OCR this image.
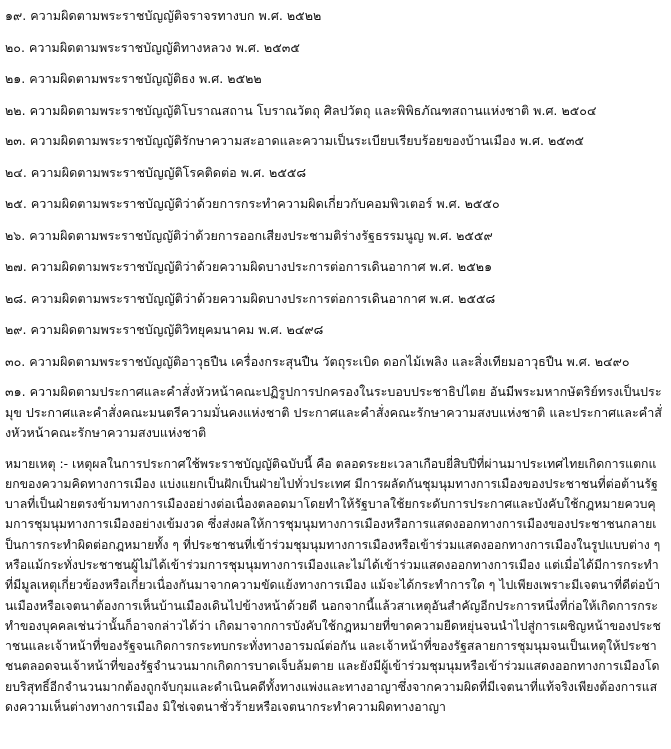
๑๙. ความผิดตามพระราชบัญญัติจราจรทางบก พ.ศ. ๒๕๒๒

๒๐. ความผิดตามพระราชบัญญัติทางหลวง พ.ศ. ๒๕๓๕

๒๑. ความผิดตามพระราชบัญญัติธง พ.ศ. ๒๕๒๒

๒๒. ความผิดตามพระราชบัญญัติโบราณสถาน โบราณวัตถุ ศิลปวัตถุ และพิพิธภัณฑสถานแห่งชาติ พ.ศ. ๒๕๐๔

๒๓. ความผิดตามพระราชบัญญัติรักษาความสะอาดและความเป็นระเบียบเรียบร้อยของบ้านเมือง พ.ศ. ๒๕๓๕

๒๔. ความผิดตามพระราชบัญญัติโรคติดต่อ พ.ศ. ๒๕๕๘

๒๕. ความผิดตามพระราชบัญญัติว่าด้วยการกระทำความผิดเกี่ยวกับคอมพิวเตอร์ พ.ศ. ๒๕๕๐

๒๖. ความผิดตามพระราชบัญญัติว่าด้วยการออกเสียงประชามติร่างรัฐธรรมนูญ พ.ศ. ๒๕๕๙

๒๗. ความผิดตามพระราชบัญญัติว่าด้วยความผิดบางประการต่อการเดินอากาศ พ.ศ. ๒๕๒๑

๒๘. ความผิดตามพระราชบัญญัติว่าด้วยความผิดบางประการต่อการเดินอากาศ พ.ศ. ๒๕๕๘

๒๙. ความผิดตามพระราชบัญญัติวิทยุคมนาคม พ.ศ. ๒๔๙๘

๓๐. ความผิดตามพระราชบัญญัติอาวุธปืน เครื่องกระสุนปืน วัตถุระเบิด ดอกไม้เพลิง และสิ่งเทียมอาวุธปืน พ.ศ. ๒๔๙๐

๓๑. ความผิดตามประกาศและคำสั่งหัวหน้าคณะปฏิรูปการปกครองในระบอบประชาธิปไตย อันมีพระมหากษัตริย์ทรงเป็นประมุข ประกาศและคำสั่งคณะมนตรีความมั่นคงแห่งชาติ ประกาศและคำสั่งคณะรักษาความสงบแห่งชาติ และประกาศและคำสั่งหัวหน้าคณะรักษาความสงบแห่งชาติ

หมายเหตุ :- เหตุผลในการประกาศใช้พระราชบัญญัติฉบับนี้ คือ ตลอดระยะเวลาเกือบยี่สิบปีที่ผ่านมาประเทศไทยเกิดการแตกแยกของความคิดทางการเมือง แบ่งแยกเป็นฝักเป็นฝ่ายไปทั่วประเทศ มีการผลัดกันชุมนุมทางการเมืองของประชาชนที่ต่อต้านรัฐบาลที่เป็นฝ่ายตรงข้ามทางการเมืองอย่างต่อเนื่องตลอดมาโดยทำให้รัฐบาลใช้ยกระดับการประกาศและบังคับใช้กฎหมายควบคุมการชุมนุมทางการเมืองอย่างเข้มงวด ซึ่งส่งผลให้การชุมนุมทางการเมืองหรือการแสดงออกทางการเมืองของประชาชนกลายเป็นการกระทำผิดต่อกฎหมายทั้ง ๆ ที่ประชาชนที่เข้าร่วมชุมนุมทางการเมืองหรือเข้าร่วมแสดงออกทางการเมืองในรูปแบบต่าง ๆ หรือแม้กระทั่งประชาชนผู้ไม่ได้เข้าร่วมการชุมนุมทางการเมืองและไม่ได้เข้าร่วมแสดงออกทางการเมือง แต่เมื่อได้มีการกระทำที่มีมูลเหตุเกี่ยวข้องหรือเกี่ยวเนื่องกันมาจากความขัดแย้งทางการเมือง แม้จะได้กระทำการใด ๆ ไปเพียงเพราะมีเจตนาที่ดีต่อบ้านเมืองหรือเจตนาต้องการเห็นบ้านเมืองเดินไปข้างหน้าด้วยดี นอกจากนี้แล้วสาเหตุอันสำคัญอีกประการหนึ่งที่ก่อให้เกิดการกระทำของบุคคลเช่นว่านั้นก็อาจกล่าวได้ว่า เกิดมาจากการบังคับใช้กฎหมายที่ขาดความยืดหยุ่นจนนำไปสู่การเผชิญหน้าของประชาชนและเจ้าหน้าที่ของรัฐจนเกิดการกระทบกระทั่งทางอารมณ์ต่อกัน และเจ้าหน้าที่ของรัฐสลายการชุมนุมจนเป็นเหตุให้ประชาชนตลอดจนเจ้าหน้าที่ของรัฐจำนวนมากเกิดการบาดเจ็บล้มตาย และยังมีผู้เข้าร่วมชุมนุมหรือเข้าร่วมแสดงออกทางการเมืองโดยบริสุทธิ์อีกจำนวนมากต้องถูกจับกุมและดำเนินคดีทั้งทางแพ่งและทางอาญาซึ่งจากความผิดที่มีเจตนาที่แท้จริงเพียงต้องการแสดงความเห็นต่างทางการเมือง มิใช่เจตนาชั่วร้ายหรือเจตนากระทำความผิดทางอาญา
